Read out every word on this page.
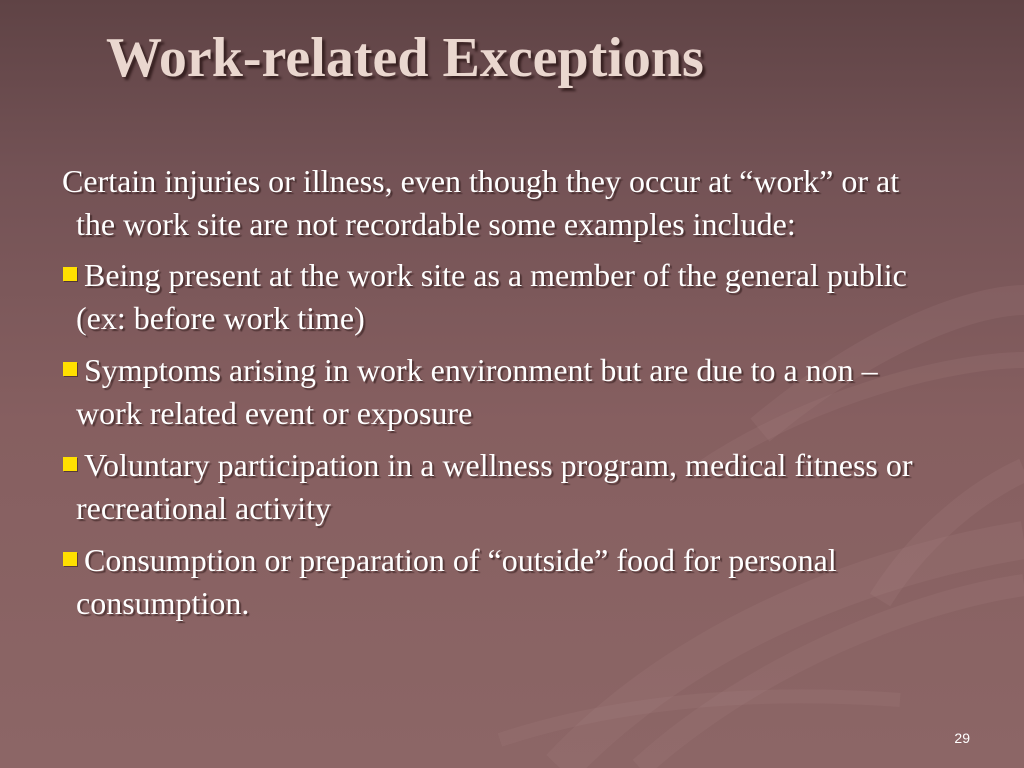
Work-related Exceptions

Certain injuries or illness, even though they occur at “work” or at the work site are not recordable some examples include:

Being present at the work site as a member of the general public (ex: before work time)
Symptoms arising in work environment but are due to a non –work related event or exposure
Voluntary participation in a wellness program, medical fitness or recreational activity
Consumption or preparation of “outside” food for personal consumption.
29
